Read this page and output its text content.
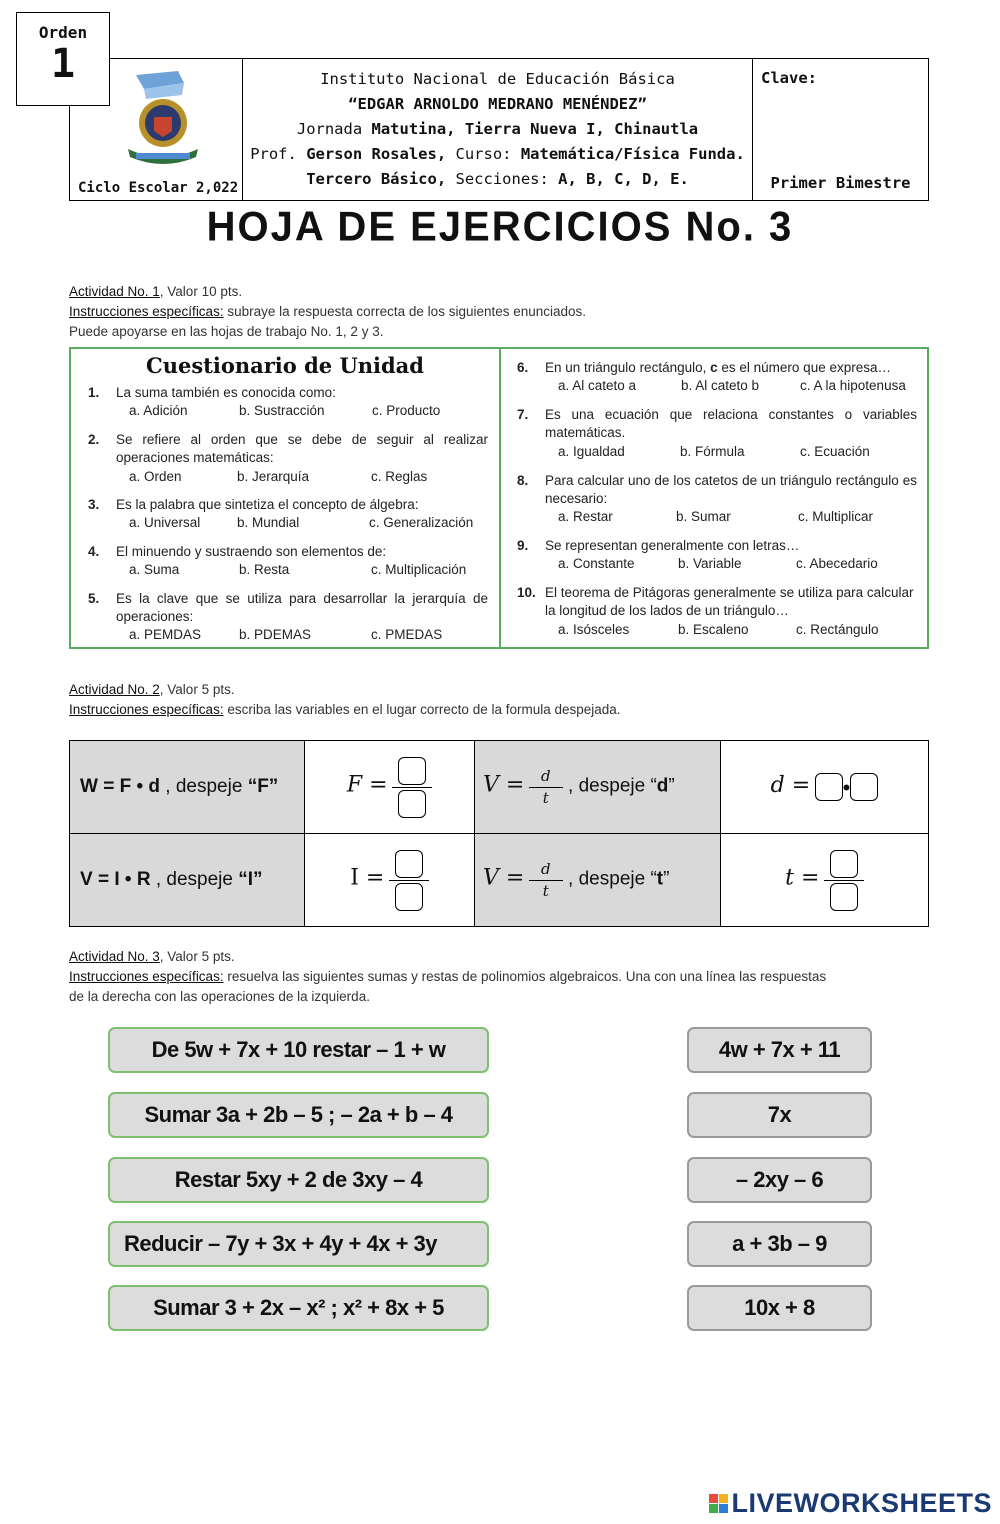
Orden
1
Ciclo Escolar 2,022
Instituto Nacional de Educación Básica
“EDGAR ARNOLDO MEDRANO MENÉNDEZ”
Jornada Matutina, Tierra Nueva I, Chinautla
Prof. Gerson Rosales, Curso: Matemática/Física Funda.
Tercero Básico, Secciones: A, B, C, D, E.
Clave:
Primer Bimestre
HOJA DE EJERCICIOS No. 3
Actividad No. 1, Valor 10 pts.
Instrucciones específicas: subraye la respuesta correcta de los siguientes enunciados.
Puede apoyarse en las hojas de trabajo No. 1, 2 y 3.
Cuestionario de Unidad
1. La suma también es conocida como:
a. Adición	b. Sustracción	c. Producto
2. Se refiere al orden que se debe de seguir al realizar operaciones matemáticas:
a. Orden	b. Jerarquía	c. Reglas
3. Es la palabra que sintetiza el concepto de álgebra:
a. Universal	b. Mundial	c. Generalización
4. El minuendo y sustraendo son elementos de:
a. Suma	b. Resta	c. Multiplicación
5. Es la clave que se utiliza para desarrollar la jerarquía de operaciones:
a. PEMDAS	b. PDEMAS	c. PMEDAS
6. En un triángulo rectángulo, c es el número que expresa…
a. Al cateto a	b. Al cateto b	c. A la hipotenusa
7. Es una ecuación que relaciona constantes o variables matemáticas.
a. Igualdad	b. Fórmula	c. Ecuación
8. Para calcular uno de los catetos de un triángulo rectángulo es necesario:
a. Restar	b. Sumar	c. Multiplicar
9. Se representan generalmente con letras…
a. Constante	b. Variable	c. Abecedario
10. El teorema de Pitágoras generalmente se utiliza para calcular la longitud de los lados de un triángulo…
a. Isósceles	b. Escaleno	c. Rectángulo
Actividad No. 2, Valor 5 pts.
Instrucciones específicas: escriba las variables en el lugar correcto de la formula despejada.
W = F • d , despeje “F”	F =	$V = \frac{d}{t}$ , despeje “d”	d = •
V = I • R , despeje “I”	I =	$V = \frac{d}{t}$ , despeje “t”	t =
Actividad No. 3, Valor 5 pts.
Instrucciones específicas: resuelva las siguientes sumas y restas de polinomios algebraicos. Una con una línea las respuestas
de la derecha con las operaciones de la izquierda.
De 5w + 7x + 10 restar – 1 + w
Sumar 3a + 2b – 5 ; – 2a + b – 4
Restar 5xy + 2 de 3xy – 4
Reducir – 7y + 3x + 4y + 4x + 3y
Sumar 3 + 2x – x² ; x² + 8x + 5
4w + 7x + 11
7x
– 2xy – 6
a + 3b – 9
10x + 8
LIVEWORKSHEETS
